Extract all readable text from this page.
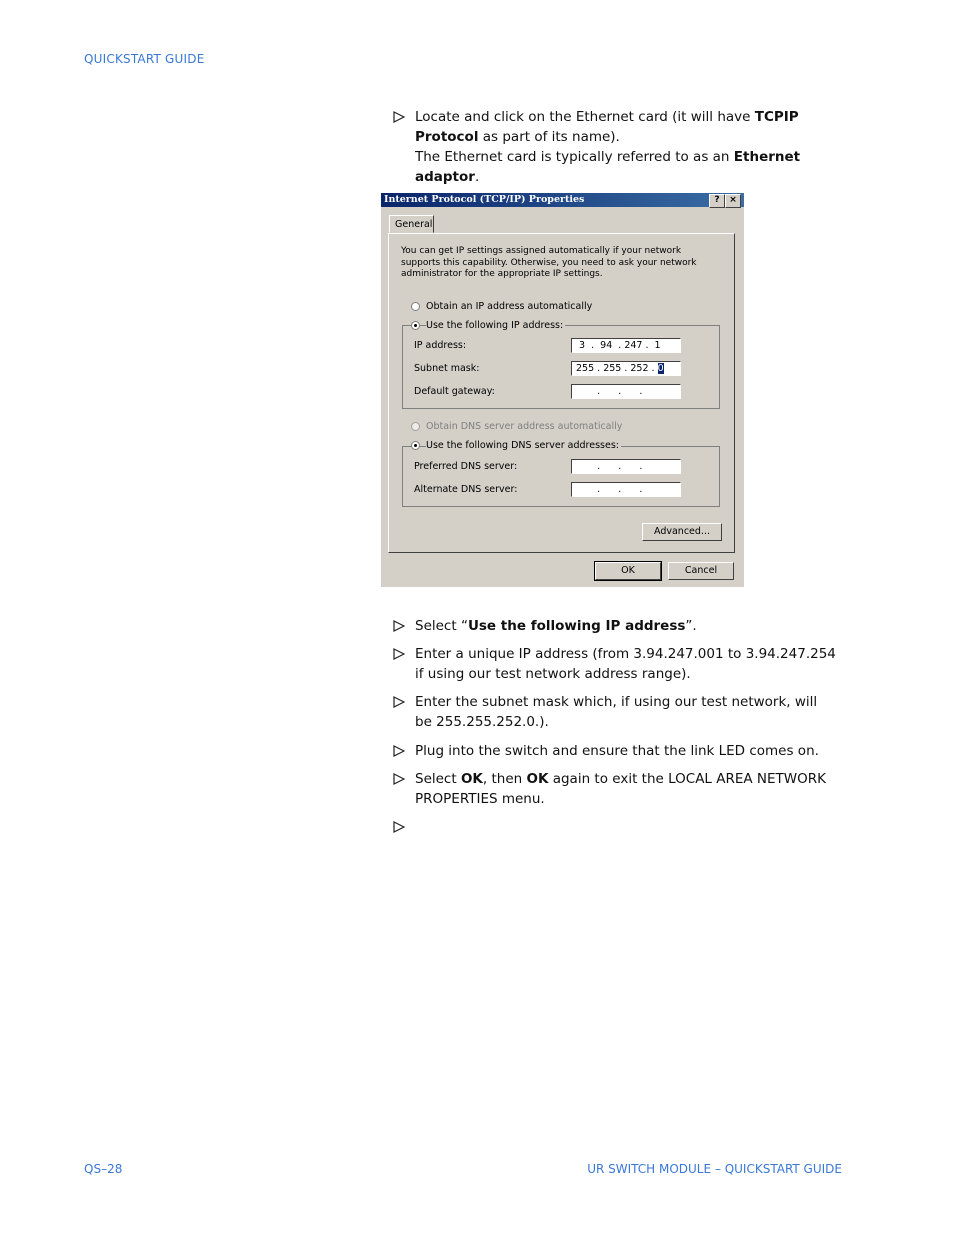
QUICKSTART GUIDE
Locate and click on the Ethernet card (it will have TCPIP Protocol as part of its name).
The Ethernet card is typically referred to as an Ethernet adaptor.
Internet Protocol (TCP/IP) Properties	?	×
General
You can get IP settings assigned automatically if your network supports this capability. Otherwise, you need to ask your network administrator for the appropriate IP settings.
Obtain an IP address automatically
Use the following IP address:
IP address:	3  .  94  . 247 .  1
Subnet mask:	255 . 255 . 252 . 0
Default gateway:	.      .      .
Obtain DNS server address automatically
Use the following DNS server addresses:
Preferred DNS server:	.      .      .
Alternate DNS server:	.      .      .
Advanced...
OK	Cancel
Select “Use the following IP address”.
Enter a unique IP address (from 3.94.247.001 to 3.94.247.254 if using our test network address range).
Enter the subnet mask which, if using our test network, will be 255.255.252.0.).
Plug into the switch and ensure that the link LED comes on.
Select OK, then OK again to exit the LOCAL AREA NETWORK PROPERTIES menu.
QS–28	UR SWITCH MODULE – QUICKSTART GUIDE
